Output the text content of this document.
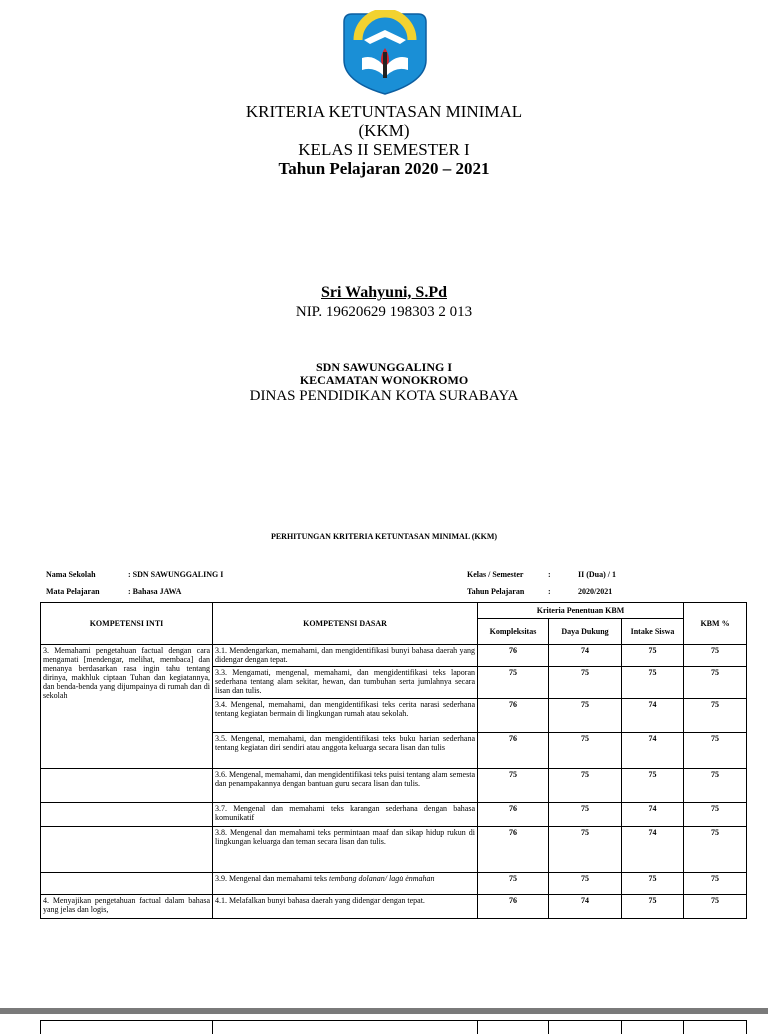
KRITERIA KETUNTASAN MINIMAL
(KKM)
KELAS II SEMESTER I
Tahun Pelajaran 2020 – 2021
Sri Wahyuni, S.Pd
NIP. 19620629 198303 2 013
SDN SAWUNGGALING I
KECAMATAN WONOKROMO
DINAS PENDIDIKAN KOTA SURABAYA
PERHITUNGAN KRITERIA KETUNTASAN MINIMAL (KKM)
Nama Sekolah	: SDN SAWUNGGALING I
Mata Pelajaran	: Bahasa JAWA
Kelas / Semester	:	II (Dua) / 1
Tahun Pelajaran	:	2020/2021
KOMPETENSI INTI	KOMPETENSI DASAR	Kriteria Penentuan KBM			KBM %
		Kompleksitas	Daya Dukung	Intake Siswa	
3. Memahami pengetahuan factual dengan cara mengamati [mendengar, melihat, membaca] dan menanya berdasarkan rasa ingin tahu tentang dirinya, makhluk ciptaan Tuhan dan kegiatannya, dan benda-benda yang dijumpainya di rumah dan di sekolah	3.1. Mendengarkan, memahami, dan mengidentifikasi bunyi bahasa daerah yang didengar dengan tepat.	76	74	75	75
	3.3. Mengamati, mengenal, memahami, dan mengidentifikasi teks laporan sederhana tentang alam sekitar, hewan, dan tumbuhan serta jumlahnya secara lisan dan tulis.	75	75	75	75
	3.4. Mengenal, memahami, dan mengidentifikasi teks cerita narasi sederhana tentang kegiatan bermain di lingkungan rumah atau sekolah.	76	75	74	75
	3.5. Mengenal, memahami, dan mengidentifikasi teks buku harian sederhana tentang kegiatan diri sendiri atau anggota keluarga secara lisan dan tulis	76	75	74	75
	3.6. Mengenal, memahami, dan mengidentifikasi teks puisi tentang alam semesta dan penampakannya dengan bantuan guru secara lisan dan tulis.	75	75	75	75
	3.7. Mengenal dan memahami teks karangan sederhana dengan bahasa komunikatif	76	75	74	75
	3.8. Mengenal dan memahami teks permintaan maaf dan sikap hidup rukun di lingkungan keluarga dan teman secara lisan dan tulis.	76	75	74	75
	3.9. Mengenal dan memahami teks tembang dolanan/ lagu̇ ėnmahan	75	75	75	75
4. Menyajikan pengetahuan factual dalam bahasa yang jelas dan logis,	4.1. Melafalkan bunyi bahasa daerah yang didengar dengan tepat.	76	74	75	75
